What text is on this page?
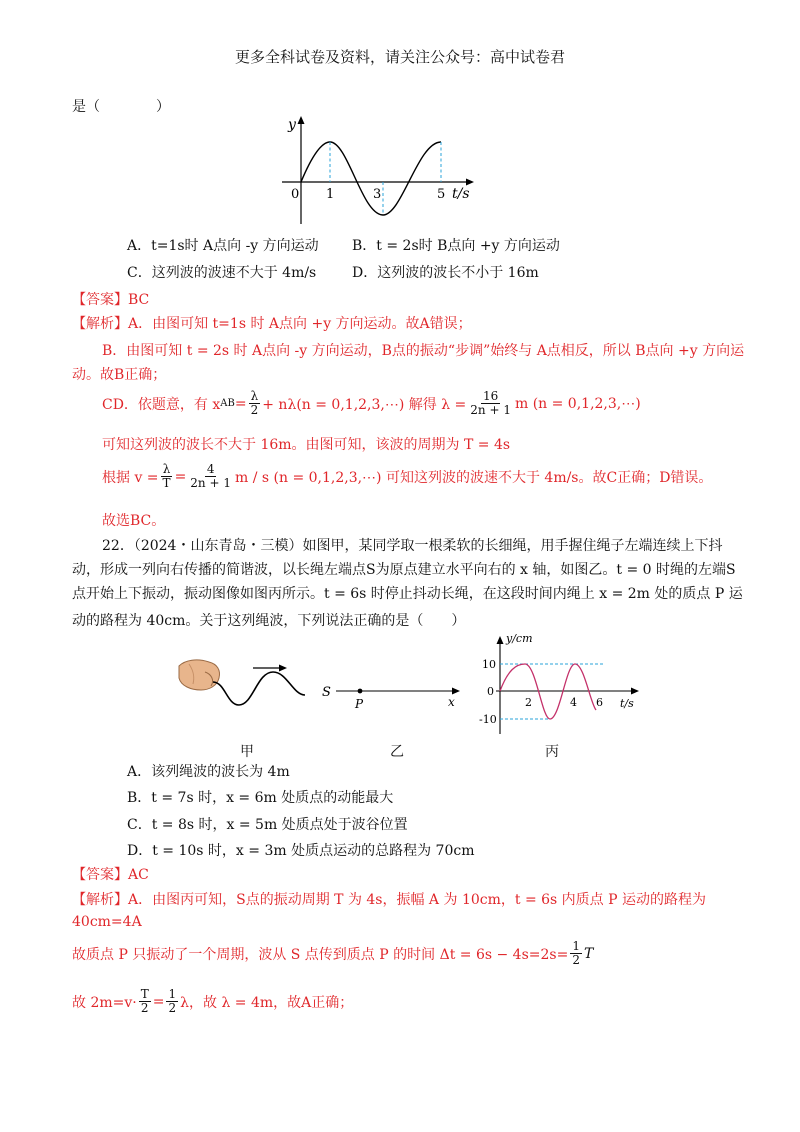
更多全科试卷及资料，请关注公众号：高中试卷君
是（　　　　）
y
0 1	3	5 t/s
A．t=1s时 A点向 -y 方向运动 B．t = 2s时 B点向 +y 方向运动
C．这列波的波速不大于 4m/s	D．这列波的波长不小于 16m
【答案】BC
【解析】A．由图可知 t=1s 时 A点向 +y 方向运动。故A错误；
B．由图可知 t = 2s 时 A点向 -y 方向运动，B点的振动“步调”始终与 A点相反，所以 B点向 +y 方向运
动。故B正确；
CD．依题意，有 x AB = $\frac{\lambda}{2} + n\lambda(n$ = 0,1,2,3,⋯) 解得 $\lambda = \frac{16}{2n + 1}$ m (n = 0,1,2,3,⋯)
可知这列波的波长不大于 16m。由图可知，该波的周期为 T = 4s
根据 $v = \frac{\lambda}{T} = \frac{4}{2n + 1}$ m / s (n = 0,1,2,3,⋯) 可知这列波的波速不大于 4m/s。故C正确；D错误。
故选BC。
22．（2024・山东青岛・三模）如图甲，某同学取一根柔软的长细绳，用手握住绳子左端连续上下抖
动，形成一列向右传播的简谐波，以长绳左端点S为原点建立水平向右的 x 轴，如图乙。t = 0 时绳的左端S
点开始上下振动，振动图像如图丙所示。t = 6s 时停止抖动长绳，在这段时间内绳上 x = 2m 处的质点 P 运
动的路程为 40cm。关于这列绳波，下列说法正确的是（　　）
甲
S
P	x
乙
y/cm
10
0
-10
2	4 6 t/s
丙
A．该列绳波的波长为 4m
B．t = 7s 时，x = 6m 处质点的动能最大
C．t = 8s 时，x = 5m 处质点处于波谷位置
D．t = 10s 时，x = 3m 处质点运动的总路程为 70cm
【答案】AC
【解析】A．由图丙可知，S点的振动周期 T 为 4s，振幅 A 为 10cm，t = 6s 内质点 P 运动的路程为
40cm=4A
故质点 P 只振动了一个周期，波从 S 点传到质点 P 的时间 $\Delta t = 6s - 4s=2s= \frac{1}{2}$ T
故 $2m=v\cdot \frac{T}{2} = \frac{1}{2}$ λ，故 λ = 4m，故A正确；
